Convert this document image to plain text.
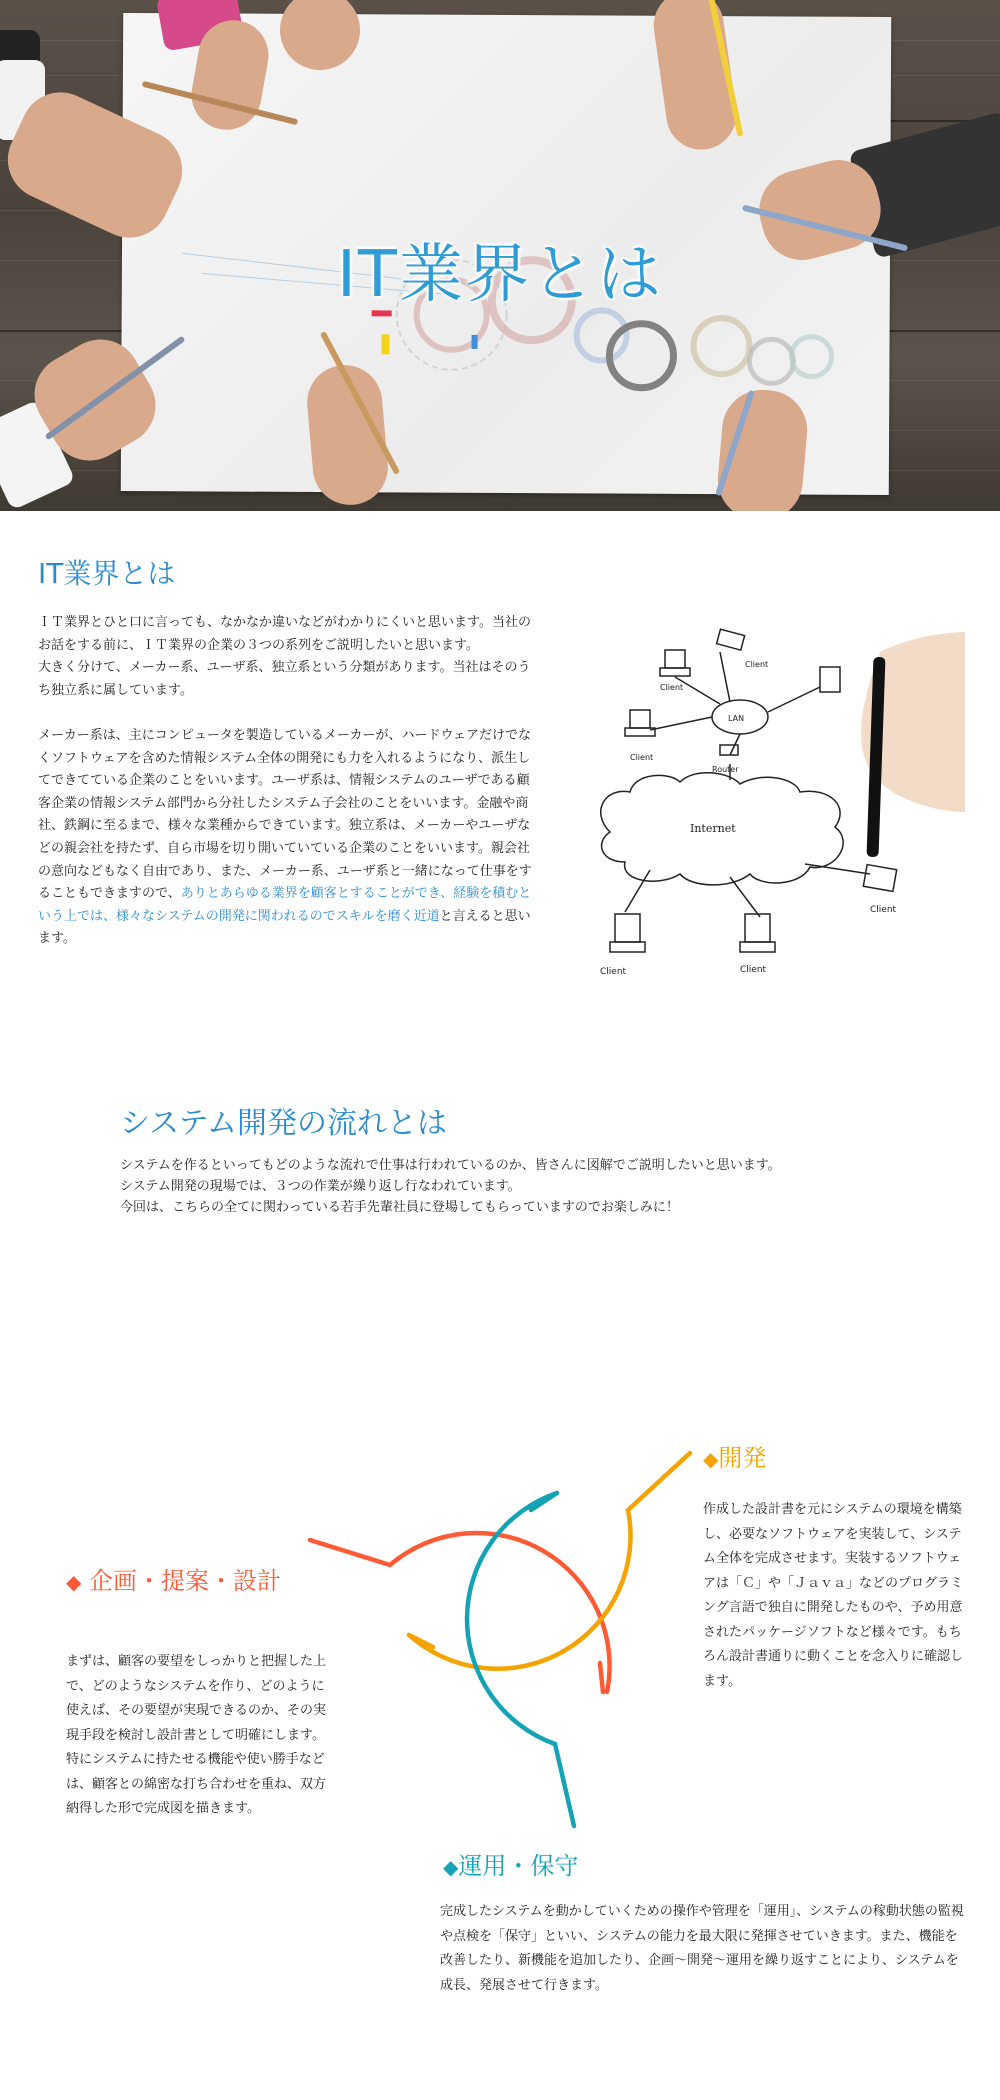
IT業界とは
IT業界とは

ＩＴ業界とひと口に言っても、なかなか違いなどがわかりにくいと思います。当社のお話をする前に、ＩＴ業界の企業の３つの系列をご説明したいと思います。

大きく分けて、メーカー系、ユーザ系、独立系という分類があります。当社はそのうち独立系に属しています。

メーカー系は、主にコンピュータを製造しているメーカーが、ハードウェアだけでなくソフトウェアを含めた情報システム全体の開発にも力を入れるようになり、派生してできてている企業のことをいいます。ユーザ系は、情報システムのユーザである顧客企業の情報システム部門から分社したシステム子会社のことをいいます。金融や商社、鉄鋼に至るまで、様々な業種からできています。独立系は、メーカーやユーザなどの親会社を持たず、自ら市場を切り開いていている企業のことをいいます。親会社の意向などもなく自由であり、また、メーカー系、ユーザ系と一緒になって仕事をすることもできますので、ありとあらゆる業界を顧客とすることができ、経験を積むという上では、様々なシステムの開発に関われるのでスキルを磨く近道と言えると思います。

Internet
LAN
Client
Client
Client
Router
Client	Client
Client
システム開発の流れとは

システムを作るといってもどのような流れで仕事は行われているのか、皆さんに図解でご説明したいと思います。

システム開発の現場では、３つの作業が繰り返し行なわれています。

今回は、こちらの全てに関わっている若手先輩社員に登場してもらっていますのでお楽しみに！

◆ 企画・提案・設計

まずは、顧客の要望をしっかりと把握した上で、どのようなシステムを作り、どのように使えば、その要望が実現できるのか、その実現手段を検討し設計書として明確にします。特にシステムに持たせる機能や使い勝手などは、顧客との綿密な打ち合わせを重ね、双方納得した形で完成図を描きます。

◆開発

作成した設計書を元にシステムの環境を構築し、必要なソフトウェアを実装して、システム全体を完成させます。実装するソフトウェアは「Ｃ」や「Ｊａｖａ」などのプログラミング言語で独自に開発したものや、予め用意されたパッケージソフトなど様々です。もちろん設計書通りに動くことを念入りに確認します。

◆運用・保守

完成したシステムを動かしていくための操作や管理を「運用」、システムの稼動状態の監視や点検を「保守」といい、システムの能力を最大限に発揮させていきます。また、機能を改善したり、新機能を追加したり、企画～開発～運用を繰り返すことにより、システムを成長、発展させて行きます。
